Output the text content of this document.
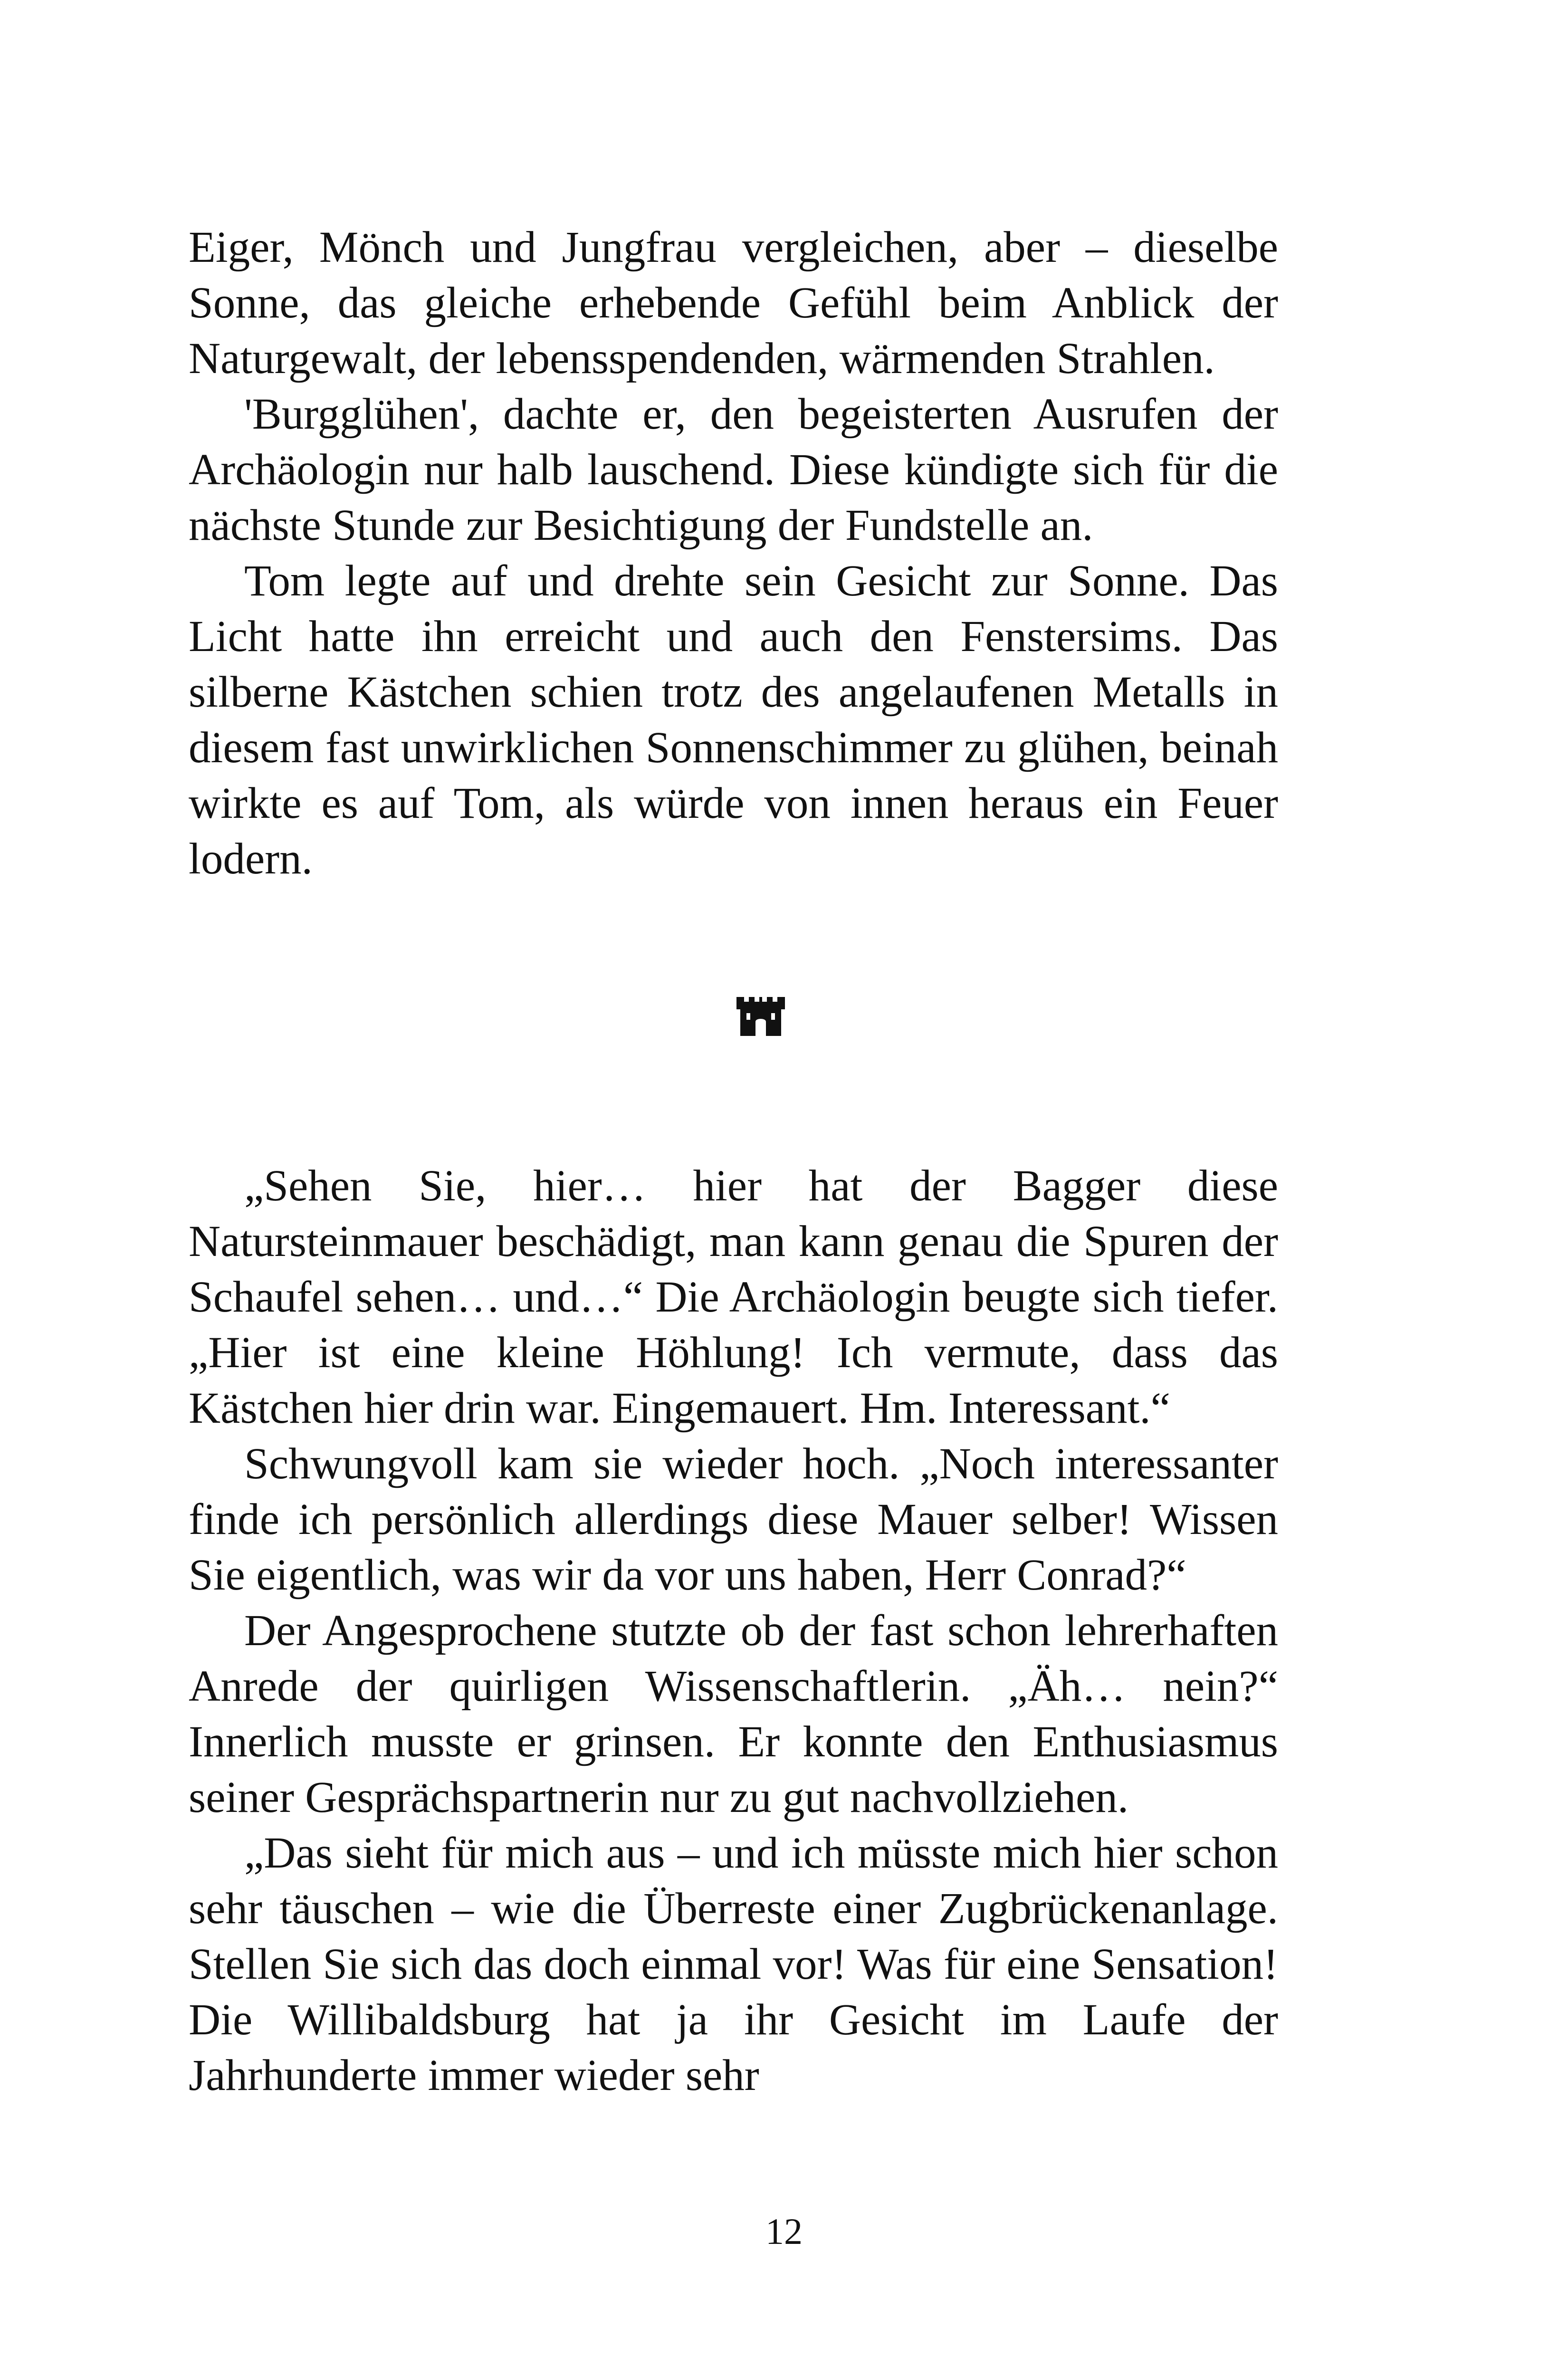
Eiger, Mönch und Jungfrau vergleichen, aber – dieselbe Sonne, das gleiche erhebende Gefühl beim Anblick der Naturgewalt, der lebensspendenden, wärmenden Strahlen.

'Burgglühen', dachte er, den begeisterten Ausrufen der Archäologin nur halb lauschend. Diese kündigte sich für die nächste Stunde zur Besichtigung der Fundstelle an.

Tom legte auf und drehte sein Gesicht zur Sonne. Das Licht hatte ihn erreicht und auch den Fenstersims. Das silberne Kästchen schien trotz des angelaufenen Metalls in diesem fast unwirklichen Sonnenschimmer zu glühen, beinah wirkte es auf Tom, als würde von innen heraus ein Feuer lodern.

„Sehen Sie, hier… hier hat der Bagger diese Natursteinmauer beschädigt, man kann genau die Spuren der Schaufel sehen… und…“ Die Archäologin beugte sich tiefer. „Hier ist eine kleine Höhlung! Ich vermute, dass das Kästchen hier drin war. Eingemauert. Hm. Interessant.“

Schwungvoll kam sie wieder hoch. „Noch interessanter finde ich persönlich allerdings diese Mauer selber! Wissen Sie eigentlich, was wir da vor uns haben, Herr Conrad?“

Der Angesprochene stutzte ob der fast schon lehrerhaften Anrede der quirligen Wissenschaftlerin. „Äh… nein?“ Innerlich musste er grinsen. Er konnte den Enthusiasmus seiner Gesprächspartnerin nur zu gut nachvollziehen.

„Das sieht für mich aus – und ich müsste mich hier schon sehr täuschen – wie die Überreste einer Zugbrückenanlage. Stellen Sie sich das doch einmal vor! Was für eine Sensation! Die Willibaldsburg hat ja ihr Gesicht im Laufe der Jahrhunderte immer wieder sehr

12
